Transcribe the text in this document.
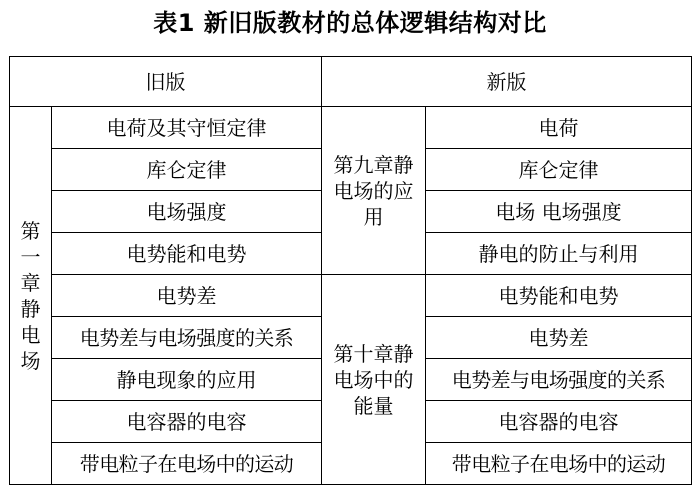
表1 新旧版教材的总体逻辑结构对比
旧版		新版	
第一章静电场	电荷及其守恒定律	第九章静电场的应用	电荷
	库仑定律		库仑定律
	电场强度		电场 电场强度
	电势能和电势		静电的防止与利用
	电势差	第十章静电场中的能量	电势能和电势
	电势差与电场强度的关系		电势差
	静电现象的应用		电势差与电场强度的关系
	电容器的电容		电容器的电容
	带电粒子在电场中的运动		带电粒子在电场中的运动
